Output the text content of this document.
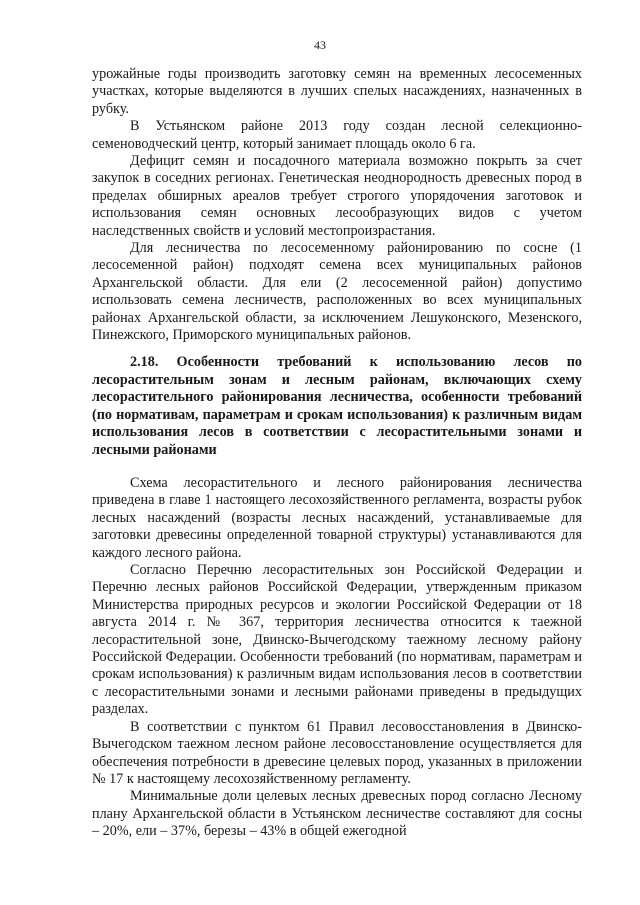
43

урожайные годы производить заготовку семян на временных лесосеменных участках, которые выделяются в лучших спелых насаждениях, назначенных в рубку.

В Устьянском районе 2013 году создан лесной селекционно-семеноводческий центр, который занимает площадь около 6 га.

Дефицит семян и посадочного материала возможно покрыть за счет закупок в соседних регионах. Генетическая неоднородность древесных пород в пределах обширных ареалов требует строгого упорядочения заготовок и использования семян основных лесообразующих видов с учетом наследственных свойств и условий местопроизрастания.

Для лесничества по лесосеменному районированию по сосне (1 лесосеменной район) подходят семена всех муниципальных районов Архангельской области. Для ели (2 лесосеменной район) допустимо использовать семена лесничеств, расположенных во всех муниципальных районах Архангельской области, за исключением Лешуконского, Мезенского, Пинежского, Приморского муниципальных районов.

2.18. Особенности требований к использованию лесов по лесорастительным зонам и лесным районам, включающих схему лесорастительного районирования лесничества, особенности требований (по нормативам, параметрам и срокам использования) к различным видам использования лесов в соответствии с лесорастительными зонами и лесными районами

Схема лесорастительного и лесного районирования лесничества приведена в главе 1 настоящего лесохозяйственного регламента, возрасты рубок лесных насаждений (возрасты лесных насаждений, устанавливаемые для заготовки древесины определенной товарной структуры) устанавливаются для каждого лесного района.

Согласно Перечню лесорастительных зон Российской Федерации и Перечню лесных районов Российской Федерации, утвержденным приказом Министерства природных ресурсов и экологии Российской Федерации от 18 августа 2014 г. № 367, территория лесничества относится к таежной лесорастительной зоне, Двинско-Вычегодскому таежному лесному району Российской Федерации. Особенности требований (по нормативам, параметрам и срокам использования) к различным видам использования лесов в соответствии с лесорастительными зонами и лесными районами приведены в предыдущих разделах.

В соответствии с пунктом 61 Правил лесовосстановления в Двинско-Вычегодском таежном лесном районе лесовосстановление осуществляется для обеспечения потребности в древесине целевых пород, указанных в приложении № 17 к настоящему лесохозяйственному регламенту.

Минимальные доли целевых лесных древесных пород согласно Лесному плану Архангельской области в Устьянском лесничестве составляют для сосны – 20%, ели – 37%, березы – 43% в общей ежегодной
